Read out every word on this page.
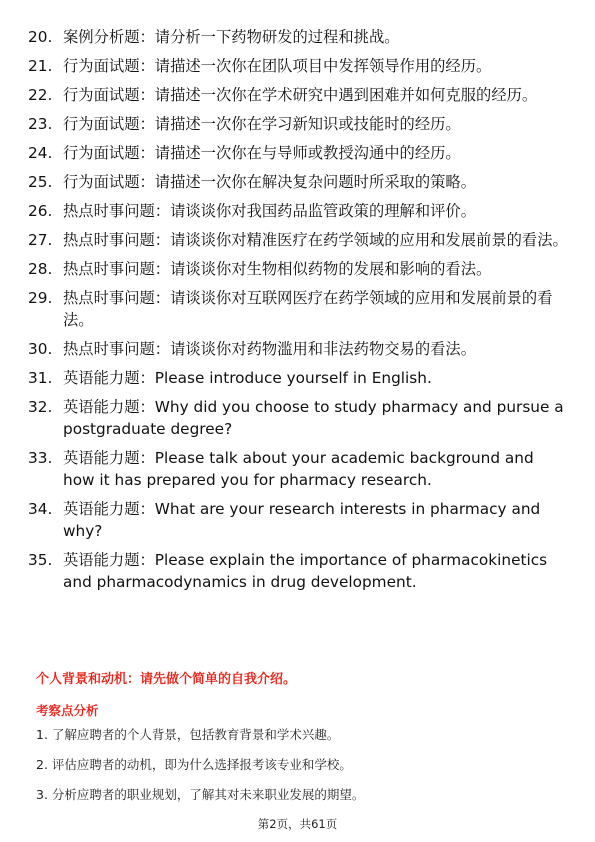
20. 案例分析题：请分析一下药物研发的过程和挑战。
21. 行为面试题：请描述一次你在团队项目中发挥领导作用的经历。
22. 行为面试题：请描述一次你在学术研究中遇到困难并如何克服的经历。
23. 行为面试题：请描述一次你在学习新知识或技能时的经历。
24. 行为面试题：请描述一次你在与导师或教授沟通中的经历。
25. 行为面试题：请描述一次你在解决复杂问题时所采取的策略。
26. 热点时事问题：请谈谈你对我国药品监管政策的理解和评价。
27. 热点时事问题：请谈谈你对精准医疗在药学领域的应用和发展前景的看法。
28. 热点时事问题：请谈谈你对生物相似药物的发展和影响的看法。
29. 热点时事问题：请谈谈你对互联网医疗在药学领域的应用和发展前景的看法。
30. 热点时事问题：请谈谈你对药物滥用和非法药物交易的看法。
31. 英语能力题：Please introduce yourself in English.
32. 英语能力题：Why did you choose to study pharmacy and pursue a postgraduate degree?
33. 英语能力题：Please talk about your academic background and how it has prepared you for pharmacy research.
34. 英语能力题：What are your research interests in pharmacy and why?
35. 英语能力题：Please explain the importance of pharmacokinetics and pharmacodynamics in drug development.
个人背景和动机：请先做个简单的自我介绍。
考察点分析
1. 了解应聘者的个人背景，包括教育背景和学术兴趣。
2. 评估应聘者的动机，即为什么选择报考该专业和学校。
3. 分析应聘者的职业规划，了解其对未来职业发展的期望。
第2页，共61页
